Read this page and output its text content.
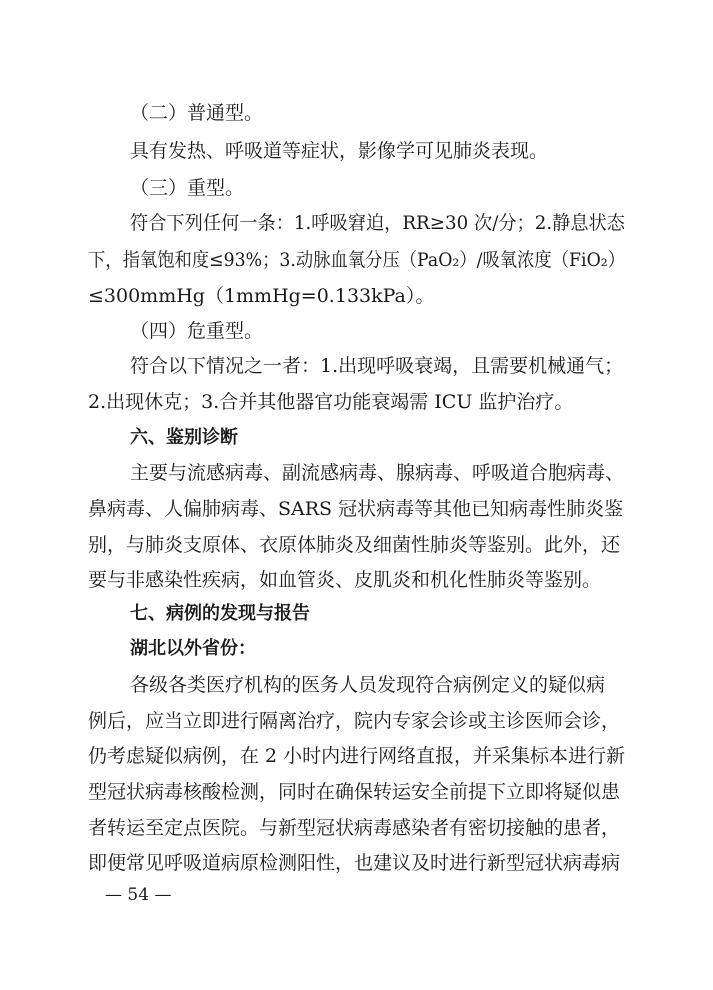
（二）普通型。
具有发热、呼吸道等症状，影像学可见肺炎表现。
（三）重型。
符合下列任何一条：1.呼吸窘迫，RR≥30 次/分；2.静息状态
下，指氧饱和度≤93%；3.动脉血氧分压（PaO₂）/吸氧浓度（FiO₂）
≤300mmHg（1mmHg=0.133kPa）。
（四）危重型。
符合以下情况之一者：1.出现呼吸衰竭，且需要机械通气；
2.出现休克；3.合并其他器官功能衰竭需 ICU 监护治疗。
六、鉴别诊断
主要与流感病毒、副流感病毒、腺病毒、呼吸道合胞病毒、
鼻病毒、人偏肺病毒、SARS 冠状病毒等其他已知病毒性肺炎鉴
别，与肺炎支原体、衣原体肺炎及细菌性肺炎等鉴别。此外，还
要与非感染性疾病，如血管炎、皮肌炎和机化性肺炎等鉴别。
七、病例的发现与报告
湖北以外省份：
各级各类医疗机构的医务人员发现符合病例定义的疑似病
例后，应当立即进行隔离治疗，院内专家会诊或主诊医师会诊，
仍考虑疑似病例，在 2 小时内进行网络直报，并采集标本进行新
型冠状病毒核酸检测，同时在确保转运安全前提下立即将疑似患
者转运至定点医院。与新型冠状病毒感染者有密切接触的患者，
即便常见呼吸道病原检测阳性，也建议及时进行新型冠状病毒病
— 54 —
